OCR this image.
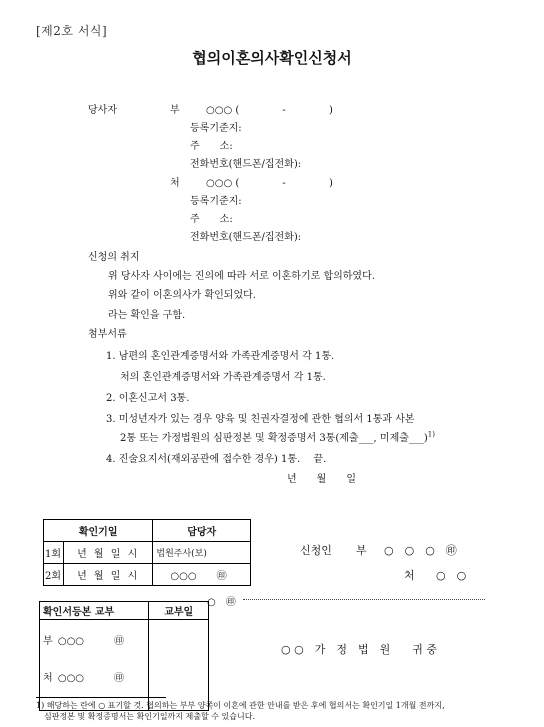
[제2호 서식]
협의이혼의사확인신청서
당사자	부	○○○ (　　　　 -　　　　 )
등록기준지:
주　　소:
전화번호(핸드폰/집전화):
처	○○○ (　　　　 -　　　　 )
등록기준지:
주　　소:
전화번호(핸드폰/집전화):
신청의 취지
위 당사자 사이에는 진의에 따라 서로 이혼하기로 합의하였다.
위와 같이 이혼의사가 확인되었다.
라는 확인을 구함.
첨부서류
1. 남편의 혼인관계증명서와 가족관계증명서 각 1통.
처의 혼인관계증명서와 가족관계증명서 각 1통.
2. 이혼신고서 3통.
3. 미성년자가 있는 경우 양육 및 친권자결정에 관한 협의서 1통과 사본
2통 또는 가정법원의 심판정본 및 확정증명서 3통(제출___, 미제출___)$^{1)}$
4. 진술요지서(재외공관에 접수한 경우) 1통.　 끝.
년　　월　　일
확인기일		담당자
1회	년 월 일 시	법원주사(보)
2회	년 월 일 시	○○○ ㊞
신청인 부 ○　○　○　㊞
처 ○　○
○　㊞
확인서등본 교부	교부일

부 ○○○ ㊞
처 ○○○ ㊞	

○ ○　가　정　법　원　　귀 중
1) 해당하는 란에 ○ 표기할 것. 협의하는 부부 양쪽이 이혼에 관한 안내를 받은 후에 협의서는 확인기일 1개월 전까지,
심판정본 및 확정증명서는 확인기일까지 제출할 수 있습니다.
